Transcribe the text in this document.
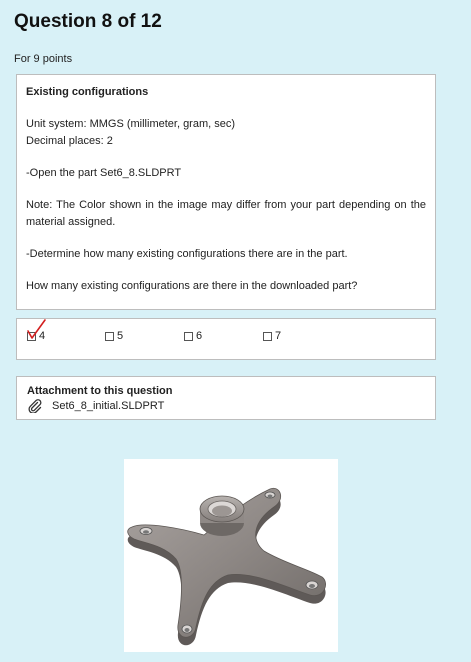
Question 8 of 12
For 9 points

Existing configurations

Unit system: MMGS (millimeter, gram, sec)

Decimal places: 2

-Open the part Set6_8.SLDPRT

Note: The Color shown in the image may differ from your part depending on the material assigned.

-Determine how many existing configurations there are in the part.

How many existing configurations are there in the downloaded part?

4	5	6	7
Attachment to this question
Set6_8_initial.SLDPRT
